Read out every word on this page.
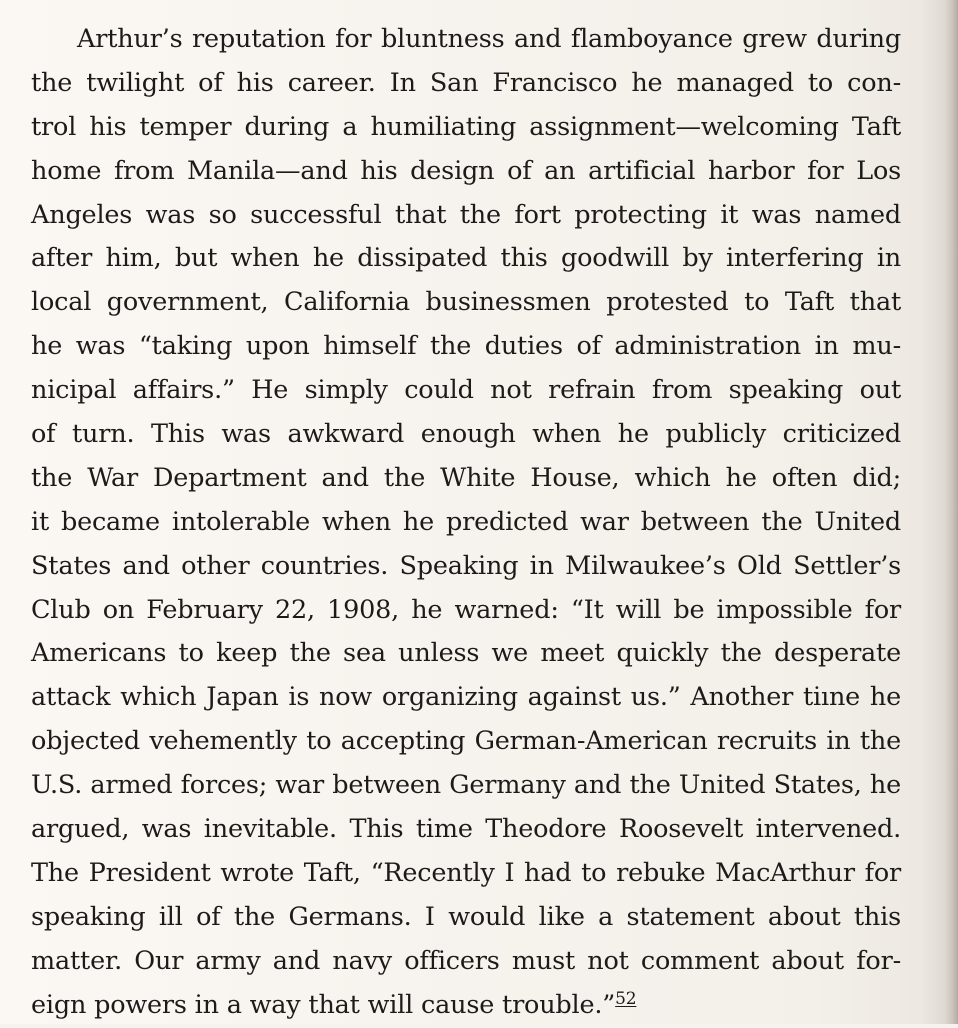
Arthur’s reputation for bluntness and flamboyance grew during
the twilight of his career. In San Francisco he managed to con-
trol his temper during a humiliating assignment—welcoming Taft
home from Manila—and his design of an artificial harbor for Los
Angeles was so successful that the fort protecting it was named
after him, but when he dissipated this goodwill by interfering in
local government, California businessmen protested to Taft that
he was “taking upon himself the duties of administration in mu-
nicipal affairs.” He simply could not refrain from speaking out
of turn. This was awkward enough when he publicly criticized
the War Department and the White House, which he often did;
it became intolerable when he predicted war between the United
States and other countries. Speaking in Milwaukee’s Old Settler’s
Club on February 22, 1908, he warned: “It will be impossible for
Americans to keep the sea unless we meet quickly the desperate
attack which Japan is now organizing against us.” Another tiıne he
objected vehemently to accepting German-American recruits in the
U.S. armed forces; war between Germany and the United States, he
argued, was inevitable. This time Theodore Roosevelt intervened.
The President wrote Taft, “Recently I had to rebuke MacArthur for
speaking ill of the Germans. I would like a statement about this
matter. Our army and navy officers must not comment about for-
eign powers in a way that will cause trouble.”$^{52}$
